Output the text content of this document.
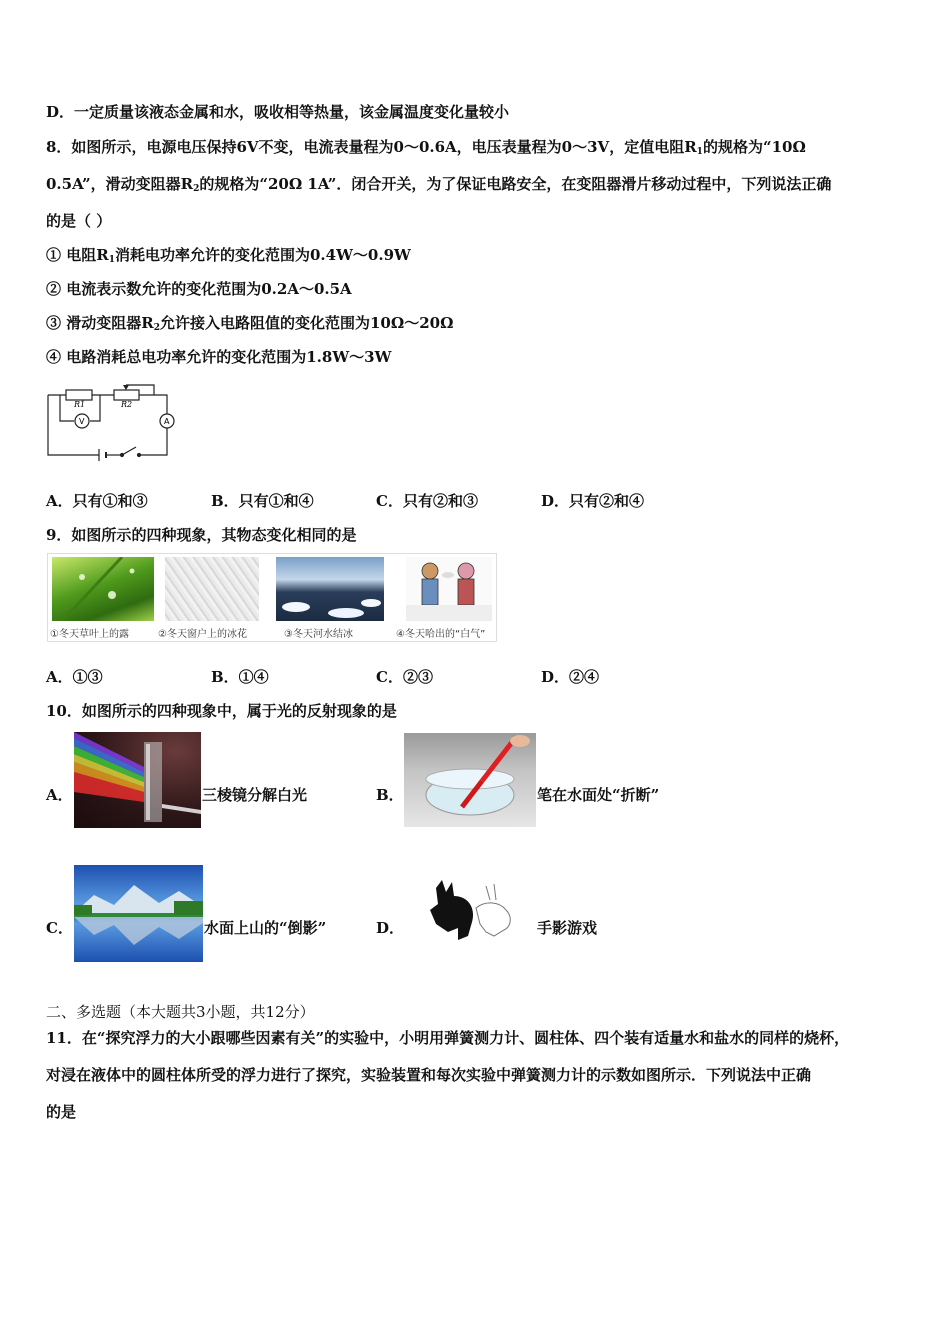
D．一定质量该液态金属和水，吸收相等热量，该金属温度变化量较小
8．如图所示，电源电压保持6V不变，电流表量程为0～0.6A，电压表量程为0～3V，定值电阻$R_1$的规格为“10Ω
0.5A”，滑动变阻器$R_2$的规格为“20Ω 1A”．闭合开关，为了保证电路安全，在变阻器滑片移动过程中，下列说法正确
的是（ ）
① 电阻$R_1$消耗电功率允许的变化范围为0.4W～0.9W
② 电流表示数允许的变化范围为0.2A～0.5A
③ 滑动变阻器$R_2$允许接入电路阻值的变化范围为10Ω～20Ω
④ 电路消耗总电功率允许的变化范围为1.8W～3W
R1	R2
V	A
A．只有①和③	B．只有①和④	C．只有②和③	D．只有②和④
9．如图所示的四种现象，其物态变化相同的是
①冬天草叶上的露	②冬天窗户上的冰花	③冬天河水结冰	④冬天哈出的“白气”
A．①③	B．①④	C．②③	D．②④
10．如图所示的四种现象中，属于光的反射现象的是
A．	三棱镜分解白光	B．	笔在水面处“折断”
C．	水面上山的“倒影”	D．	手影游戏
二、多选题（本大题共3小题，共12分）
11．在“探究浮力的大小跟哪些因素有关”的实验中，小明用弹簧测力计、圆柱体、四个装有适量水和盐水的同样的烧杯，
对浸在液体中的圆柱体所受的浮力进行了探究，实验装置和每次实验中弹簧测力计的示数如图所示．下列说法中正确
的是
